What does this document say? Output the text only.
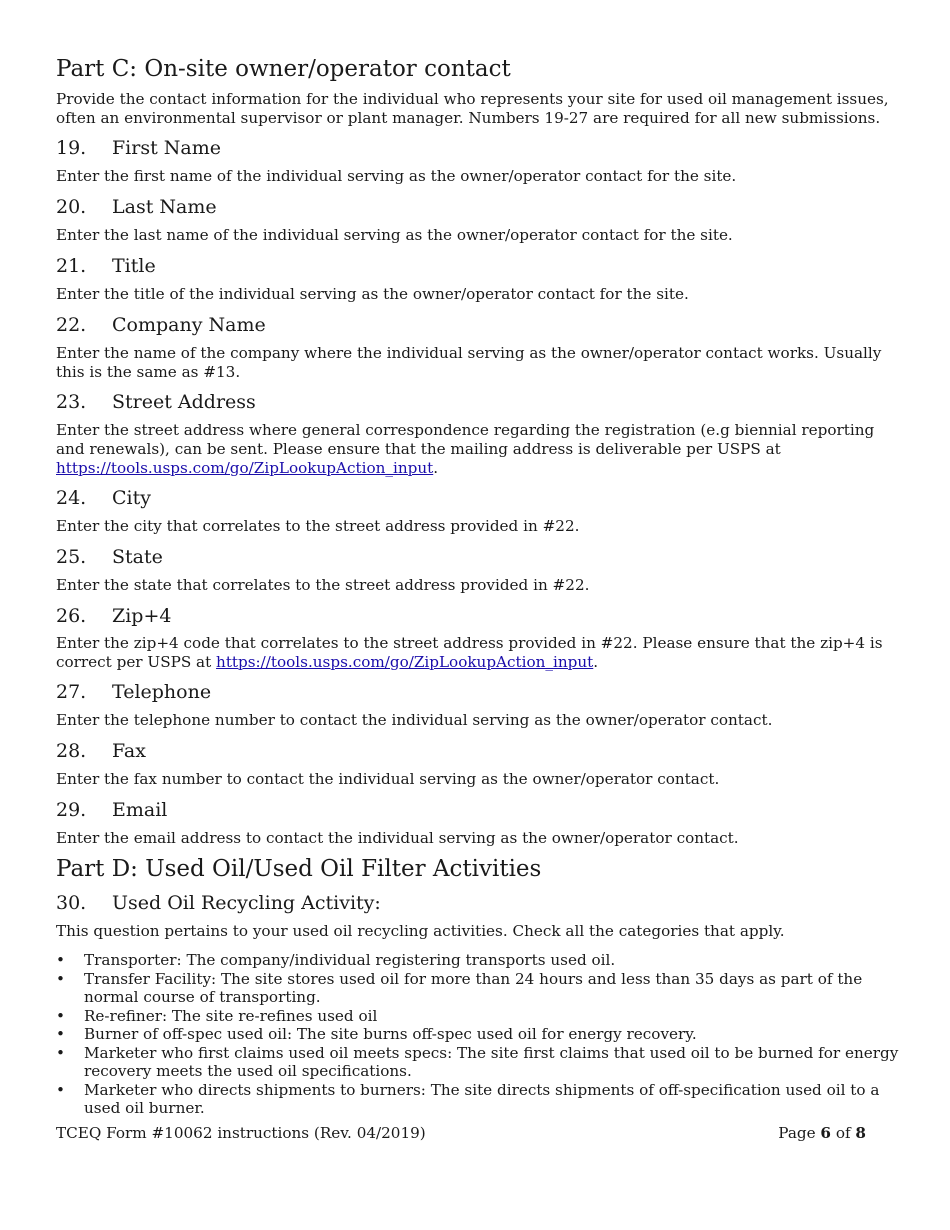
Part C: On-site owner/operator contact

Provide the contact information for the individual who represents your site for used oil management issues, often an environmental supervisor or plant manager. Numbers 19-27 are required for all new submissions.

19. First Name

Enter the first name of the individual serving as the owner/operator contact for the site.

20. Last Name

Enter the last name of the individual serving as the owner/operator contact for the site.

21. Title

Enter the title of the individual serving as the owner/operator contact for the site.

22. Company Name

Enter the name of the company where the individual serving as the owner/operator contact works. Usually this is the same as #13.

23. Street Address

Enter the street address where general correspondence regarding the registration (e.g biennial reporting and renewals), can be sent. Please ensure that the mailing address is deliverable per USPS at https://tools.usps.com/go/ZipLookupAction_input.

24. City

Enter the city that correlates to the street address provided in #22.

25. State

Enter the state that correlates to the street address provided in #22.

26. Zip+4

Enter the zip+4 code that correlates to the street address provided in #22. Please ensure that the zip+4 is correct per USPS at https://tools.usps.com/go/ZipLookupAction_input.

27. Telephone

Enter the telephone number to contact the individual serving as the owner/operator contact.

28. Fax

Enter the fax number to contact the individual serving as the owner/operator contact.

29. Email

Enter the email address to contact the individual serving as the owner/operator contact.

Part D: Used Oil/Used Oil Filter Activities
30. Used Oil Recycling Activity:

This question pertains to your used oil recycling activities. Check all the categories that apply.

• Transporter: The company/individual registering transports used oil.
• Transfer Facility: The site stores used oil for more than 24 hours and less than 35 days as part of the normal course of transporting.
• Re-refiner: The site re-refines used oil
• Burner of off-spec used oil: The site burns off-spec used oil for energy recovery.
• Marketer who first claims used oil meets specs: The site first claims that used oil to be burned for energy recovery meets the used oil specifications.
• Marketer who directs shipments to burners: The site directs shipments of off-specification used oil to a used oil burner.
TCEQ Form #10062 instructions (Rev. 04/2019)	Page 6 of 8
